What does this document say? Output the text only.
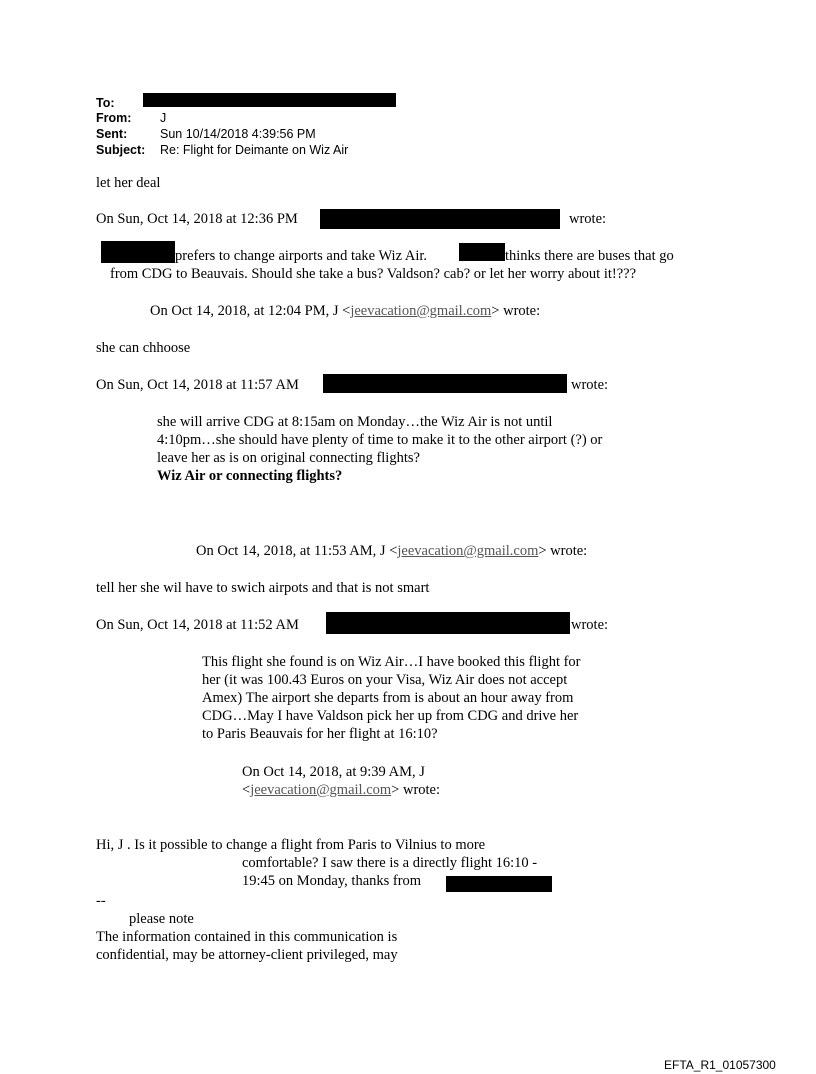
To:
From: J
Sent:	Sun 10/14/2018 4:39:56 PM
Subject: Re: Flight for Deimante on Wiz Air
let her deal
On Sun, Oct 14, 2018 at 12:36 PM	wrote:
prefers to change airports and take Wiz Air.	thinks there are buses that go
from CDG to Beauvais. Should she take a bus? Valdson? cab? or let her worry about it!???
On Oct 14, 2018, at 12:04 PM, J <jeevacation@gmail.com> wrote:
she can chhoose
On Sun, Oct 14, 2018 at 11:57 AM	wrote:
she will arrive CDG at 8:15am on Monday…the Wiz Air is not until
4:10pm…she should have plenty of time to make it to the other airport (?) or
leave her as is on original connecting flights?
Wiz Air or connecting flights?
On Oct 14, 2018, at 11:53 AM, J <jeevacation@gmail.com> wrote:
tell her she wil have to swich airpots and that is not smart
On Sun, Oct 14, 2018 at 11:52 AM	wrote:
This flight she found is on Wiz Air…I have booked this flight for
her (it was 100.43 Euros on your Visa, Wiz Air does not accept
Amex) The airport she departs from is about an hour away from
CDG…May I have Valdson pick her up from CDG and drive her
to Paris Beauvais for her flight at 16:10?
On Oct 14, 2018, at 9:39 AM, J
<jeevacation@gmail.com> wrote:
Hi, J . Is it possible to change a flight from Paris to Vilnius to more
comfortable? I saw there is a directly flight 16:10 -
19:45 on Monday, thanks from
--
please note
The information contained in this communication is
confidential, may be attorney-client privileged, may
EFTA_R1_01057300
